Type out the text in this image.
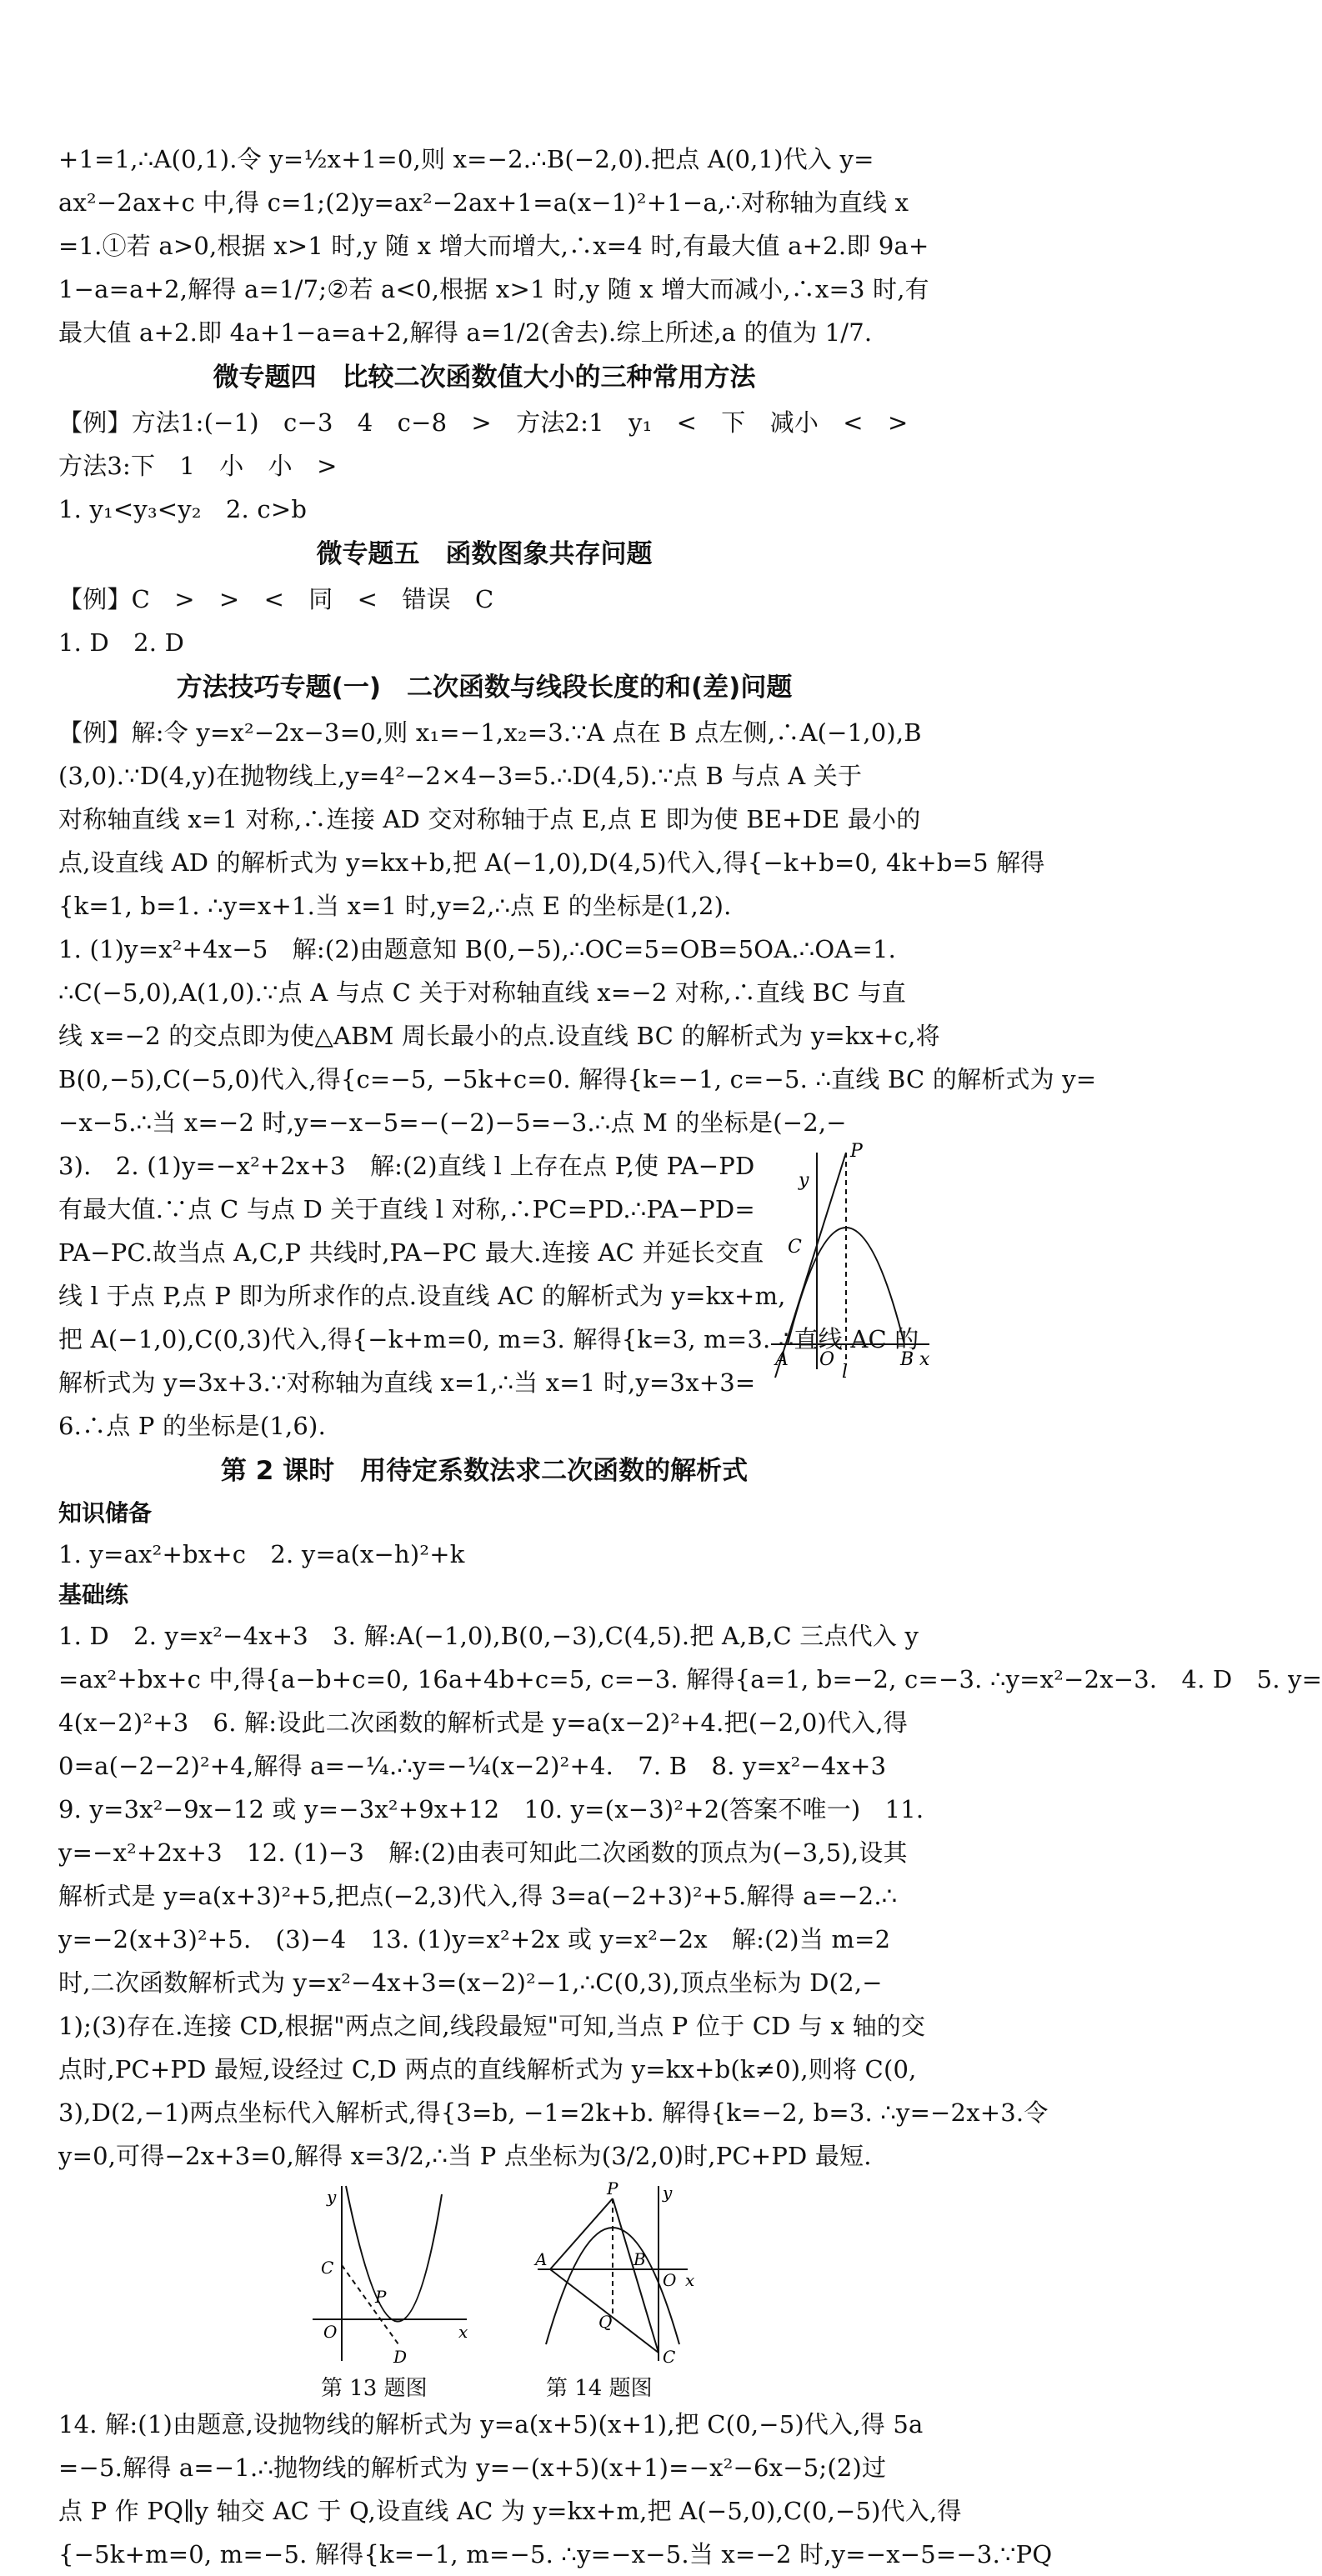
+1=1,∴A(0,1).令 y=½x+1=0,则 x=−2.∴B(−2,0).把点 A(0,1)代入 y=
ax²−2ax+c 中,得 c=1;(2)y=ax²−2ax+1=a(x−1)²+1−a,∴对称轴为直线 x
=1.①若 a>0,根据 x>1 时,y 随 x 增大而增大,∴x=4 时,有最大值 a+2.即 9a+
1−a=a+2,解得 a=1/7;②若 a<0,根据 x>1 时,y 随 x 增大而减小,∴x=3 时,有
最大值 a+2.即 4a+1−a=a+2,解得 a=1/2(舍去).综上所述,a 的值为 1/7.
微专题四　比较二次函数值大小的三种常用方法
【例】方法1:(−1)　c−3　4　c−8　>　方法2:1　y₁　<　下　减小　<　>
方法3:下　1　小　小　>
1. y₁<y₃<y₂　2. c>b
微专题五　函数图象共存问题
【例】C　>　>　<　同　<　错误　C
1. D　2. D
方法技巧专题(一)　二次函数与线段长度的和(差)问题
【例】解:令 y=x²−2x−3=0,则 x₁=−1,x₂=3.∵A 点在 B 点左侧,∴A(−1,0),B
(3,0).∵D(4,y)在抛物线上,y=4²−2×4−3=5.∴D(4,5).∵点 B 与点 A 关于
对称轴直线 x=1 对称,∴连接 AD 交对称轴于点 E,点 E 即为使 BE+DE 最小的
点,设直线 AD 的解析式为 y=kx+b,把 A(−1,0),D(4,5)代入,得{−k+b=0, 4k+b=5 解得
{k=1, b=1. ∴y=x+1.当 x=1 时,y=2,∴点 E 的坐标是(1,2).
1. (1)y=x²+4x−5　解:(2)由题意知 B(0,−5),∴OC=5=OB=5OA.∴OA=1.
∴C(−5,0),A(1,0).∵点 A 与点 C 关于对称轴直线 x=−2 对称,∴直线 BC 与直
线 x=−2 的交点即为使△ABM 周长最小的点.设直线 BC 的解析式为 y=kx+c,将
B(0,−5),C(−5,0)代入,得{c=−5, −5k+c=0. 解得{k=−1, c=−5. ∴直线 BC 的解析式为 y=
−x−5.∴当 x=−2 时,y=−x−5=−(−2)−5=−3.∴点 M 的坐标是(−2,−
3).　2. (1)y=−x²+2x+3　解:(2)直线 l 上存在点 P,使 PA−PD
有最大值.∵点 C 与点 D 关于直线 l 对称,∴PC=PD.∴PA−PD=
PA−PC.故当点 A,C,P 共线时,PA−PC 最大.连接 AC 并延长交直
线 l 于点 P,点 P 即为所求作的点.设直线 AC 的解析式为 y=kx+m,
把 A(−1,0),C(0,3)代入,得{−k+m=0, m=3. 解得{k=3, m=3. ∴直线 AC 的
解析式为 y=3x+3.∵对称轴为直线 x=1,∴当 x=1 时,y=3x+3=
6.∴点 P 的坐标是(1,6).
P
y
C
A O
l
B x
第 2 课时　用待定系数法求二次函数的解析式
知识储备
1. y=ax²+bx+c　2. y=a(x−h)²+k
基础练
1. D　2. y=x²−4x+3　3. 解:A(−1,0),B(0,−3),C(4,5).把 A,B,C 三点代入 y
=ax²+bx+c 中,得{a−b+c=0, 16a+4b+c=5, c=−3. 解得{a=1, b=−2, c=−3. ∴y=x²−2x−3.　4. D　5. y=
4(x−2)²+3　6. 解:设此二次函数的解析式是 y=a(x−2)²+4.把(−2,0)代入,得
0=a(−2−2)²+4,解得 a=−¼.∴y=−¼(x−2)²+4.　7. B　8. y=x²−4x+3
9. y=3x²−9x−12 或 y=−3x²+9x+12　10. y=(x−3)²+2(答案不唯一)　11.
y=−x²+2x+3　12. (1)−3　解:(2)由表可知此二次函数的顶点为(−3,5),设其
解析式是 y=a(x+3)²+5,把点(−2,3)代入,得 3=a(−2+3)²+5.解得 a=−2.∴
y=−2(x+3)²+5.　(3)−4　13. (1)y=x²+2x 或 y=x²−2x　解:(2)当 m=2
时,二次函数解析式为 y=x²−4x+3=(x−2)²−1,∴C(0,3),顶点坐标为 D(2,−
1);(3)存在.连接 CD,根据"两点之间,线段最短"可知,当点 P 位于 CD 与 x 轴的交
点时,PC+PD 最短,设经过 C,D 两点的直线解析式为 y=kx+b(k≠0),则将 C(0,
3),D(2,−1)两点坐标代入解析式,得{3=b, −1=2k+b. 解得{k=−2, b=3. ∴y=−2x+3.令
y=0,可得−2x+3=0,解得 x=3/2,∴当 P 点坐标为(3/2,0)时,PC+PD 最短.
y
C
P
O
D
x
第 13 题图
P	y
A	B
O x
Q
C
第 14 题图
14. 解:(1)由题意,设抛物线的解析式为 y=a(x+5)(x+1),把 C(0,−5)代入,得 5a
=−5.解得 a=−1.∴抛物线的解析式为 y=−(x+5)(x+1)=−x²−6x−5;(2)过
点 P 作 PQ∥y 轴交 AC 于 Q,设直线 AC 为 y=kx+m,把 A(−5,0),C(0,−5)代入,得
{−5k+m=0, m=−5. 解得{k=−1, m=−5. ∴y=−x−5.当 x=−2 时,y=−x−5=−3.∵PQ
